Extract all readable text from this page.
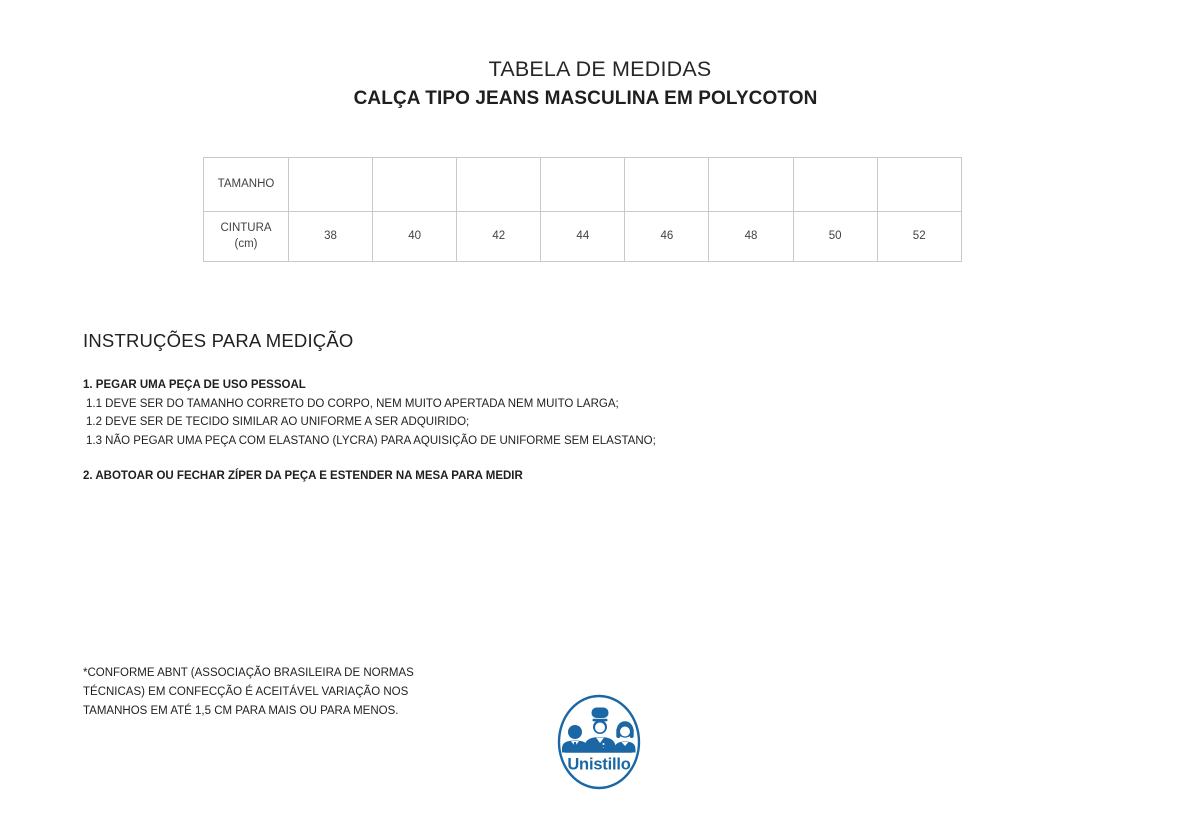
TABELA DE MEDIDAS
CALÇA TIPO JEANS MASCULINA EM POLYCOTON
TAMANHO								

CINTURA
(cm)	38	40	42	44	46	48	50	52
INSTRUÇÕES PARA MEDIÇÃO
1. PEGAR UMA PEÇA DE USO PESSOAL
1.1 DEVE SER DO TAMANHO CORRETO DO CORPO, NEM MUITO APERTADA NEM MUITO LARGA;
1.2 DEVE SER DE TECIDO SIMILAR AO UNIFORME A SER ADQUIRIDO;
1.3 NÃO PEGAR UMA PEÇA COM ELASTANO (LYCRA) PARA AQUISIÇÃO DE UNIFORME SEM ELASTANO;
2. ABOTOAR OU FECHAR ZÍPER DA PEÇA E ESTENDER NA MESA PARA MEDIR
*CONFORME ABNT (ASSOCIAÇÃO BRASILEIRA DE NORMAS
TÉCNICAS) EM CONFECÇÃO É ACEITÁVEL VARIAÇÃO NOS
TAMANHOS EM ATÉ 1,5 CM PARA MAIS OU PARA MENOS.
Unistillo
